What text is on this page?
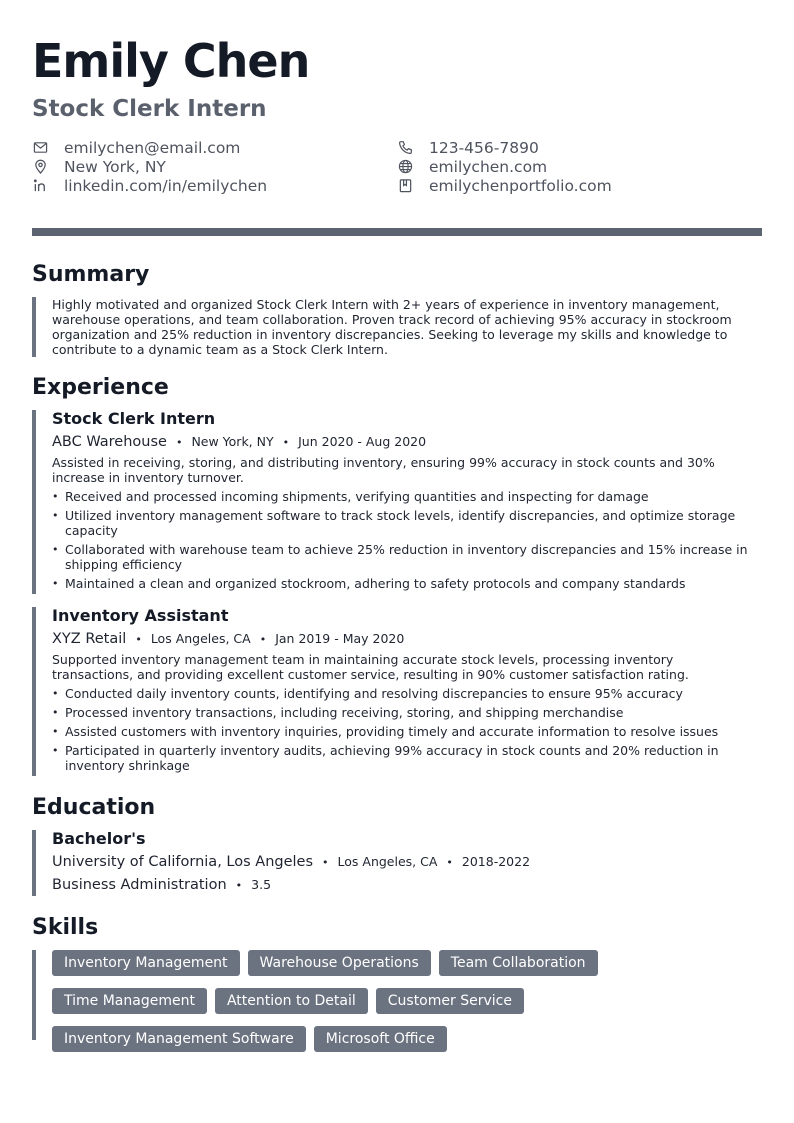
Emily Chen
Stock Clerk Intern
emilychen@email.com
New York, NY
linkedin.com/in/emilychen
123-456-7890
emilychen.com
emilychenportfolio.com
Summary
Highly motivated and organized Stock Clerk Intern with 2+ years of experience in inventory management, warehouse operations, and team collaboration. Proven track record of achieving 95% accuracy in stockroom organization and 25% reduction in inventory discrepancies. Seeking to leverage my skills and knowledge to contribute to a dynamic team as a Stock Clerk Intern.
Experience
Stock Clerk Intern
ABC Warehouse • New York, NY • Jun 2020 - Aug 2020
Assisted in receiving, storing, and distributing inventory, ensuring 99% accuracy in stock counts and 30% increase in inventory turnover.
• Received and processed incoming shipments, verifying quantities and inspecting for damage
• Utilized inventory management software to track stock levels, identify discrepancies, and optimize storage capacity
• Collaborated with warehouse team to achieve 25% reduction in inventory discrepancies and 15% increase in shipping efficiency
• Maintained a clean and organized stockroom, adhering to safety protocols and company standards
Inventory Assistant
XYZ Retail • Los Angeles, CA • Jan 2019 - May 2020
Supported inventory management team in maintaining accurate stock levels, processing inventory transactions, and providing excellent customer service, resulting in 90% customer satisfaction rating.
• Conducted daily inventory counts, identifying and resolving discrepancies to ensure 95% accuracy
• Processed inventory transactions, including receiving, storing, and shipping merchandise
• Assisted customers with inventory inquiries, providing timely and accurate information to resolve issues
• Participated in quarterly inventory audits, achieving 99% accuracy in stock counts and 20% reduction in inventory shrinkage
Education
Bachelor's
University of California, Los Angeles • Los Angeles, CA • 2018-2022
Business Administration • 3.5
Skills
Inventory Management	Warehouse Operations	Team Collaboration
Time Management	Attention to Detail	Customer Service
Inventory Management Software	Microsoft Office
